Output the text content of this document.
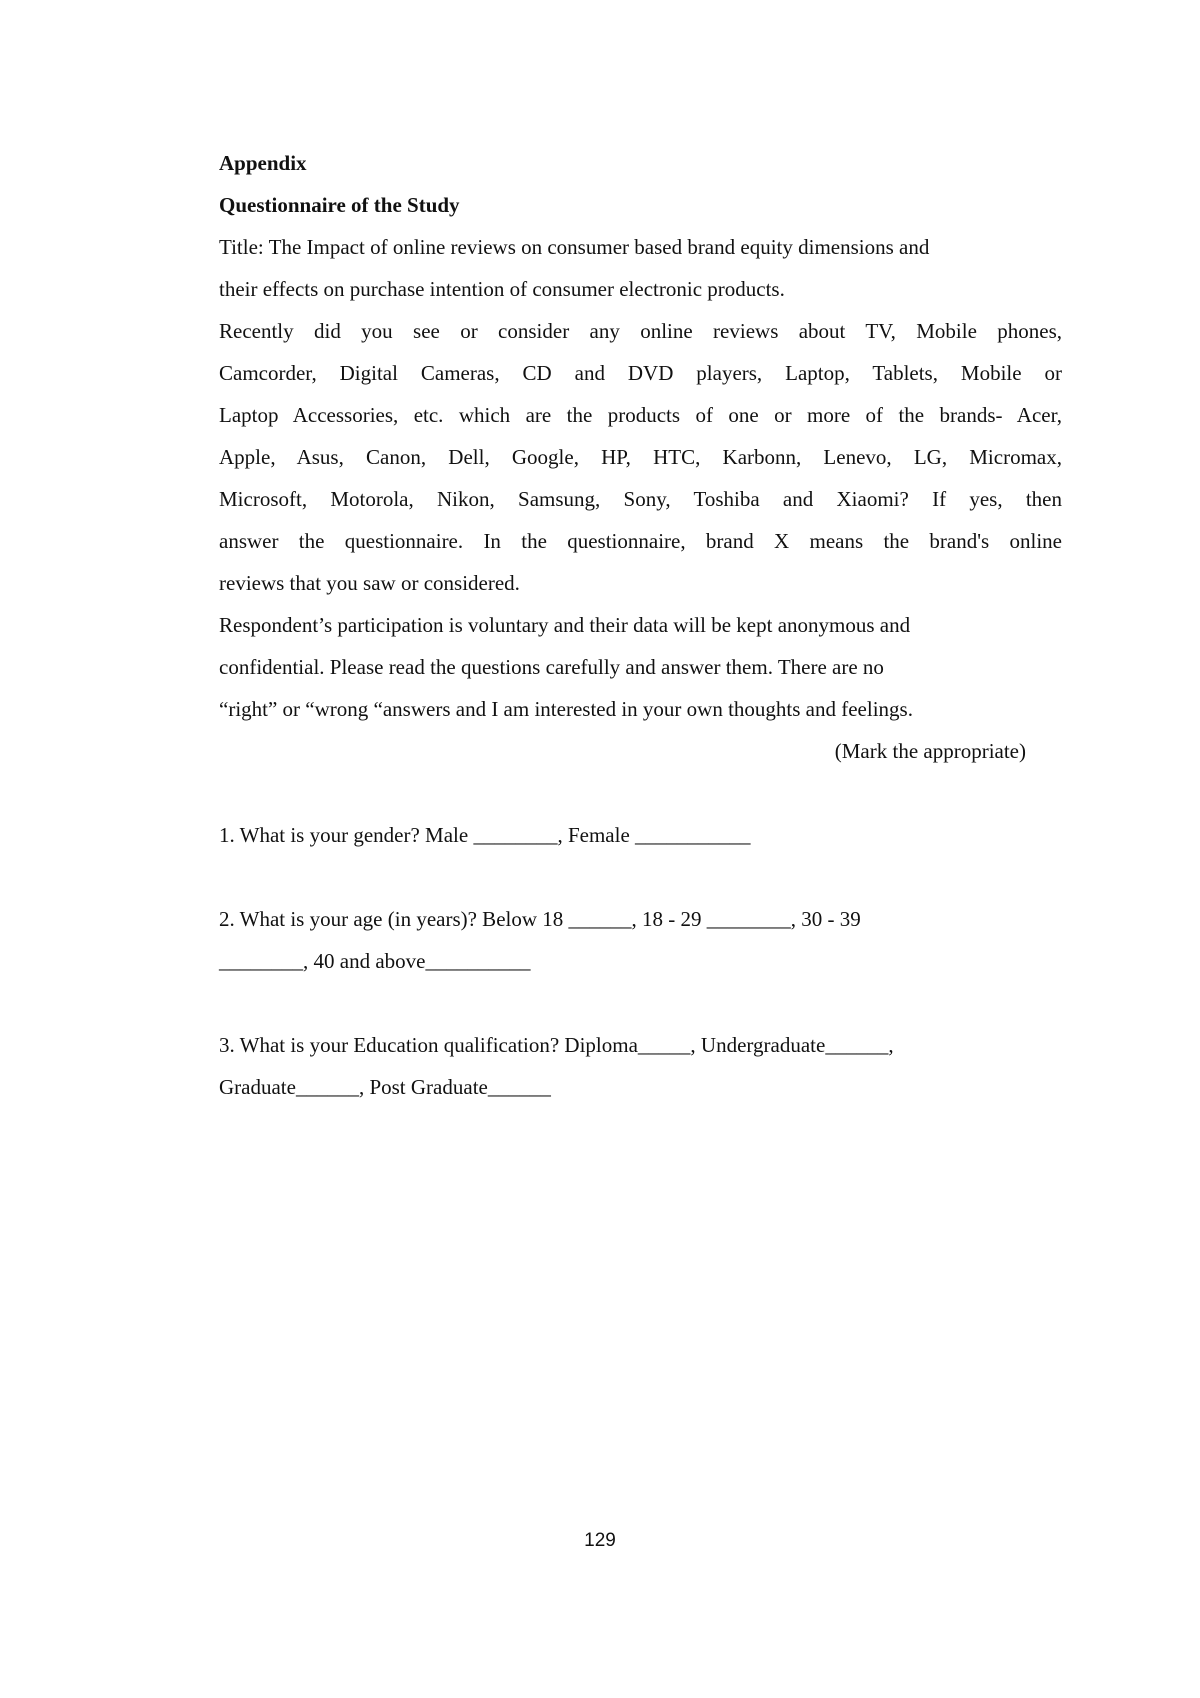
Appendix
Questionnaire of the Study
Title: The Impact of online reviews on consumer based brand equity dimensions and
their effects on purchase intention of consumer electronic products.
Recently did you see or consider any online reviews about TV, Mobile phones,
Camcorder, Digital Cameras, CD and DVD players, Laptop, Tablets, Mobile or
Laptop Accessories, etc. which are the products of one or more of the brands- Acer,
Apple, Asus, Canon, Dell, Google, HP, HTC, Karbonn, Lenevo, LG, Micromax,
Microsoft, Motorola, Nikon, Samsung, Sony, Toshiba and Xiaomi? If yes, then
answer the questionnaire. In the questionnaire, brand X means the brand's online
reviews that you saw or considered.
Respondent’s participation is voluntary and their data will be kept anonymous and
confidential. Please read the questions carefully and answer them. There are no
“right” or “wrong “answers and I am interested in your own thoughts and feelings.
(Mark the appropriate)
1. What is your gender? Male ________, Female ___________
2. What is your age (in years)? Below 18 ______, 18 - 29 ________, 30 - 39
________, 40 and above__________
3. What is your Education qualification? Diploma_____, Undergraduate______,
Graduate______, Post Graduate______
129
